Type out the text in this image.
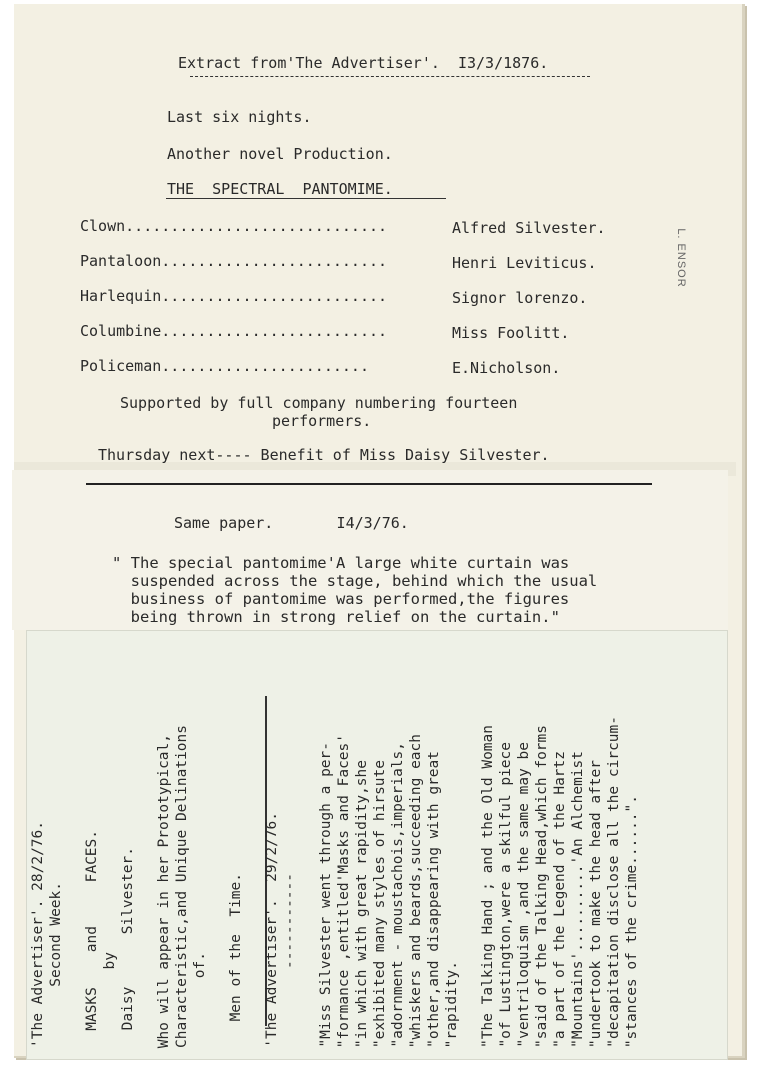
Extract from'The Advertiser'.  I3/3/1876.
Last six nights.
Another novel Production.
THE  SPECTRAL  PANTOMIME.
Clown.............................	Alfred Silvester.
Pantaloon.........................	Henri Leviticus.
Harlequin.........................	Signor lorenzo.
Columbine.........................	Miss Foolitt.
Policeman.......................	E.Nicholson.
Supported by full company numbering fourteen
performers.
Thursday next---- Benefit of Miss Daisy Silvester.
L. ENSOR
Same paper.       I4/3/76.
" The special pantomime'A large white curtain was
suspended across the stage, behind which the usual
business of pantomime was performed,the figures
being thrown in strong relief on the curtain."
'The Advertiser'. 28/2/76. Second Week. MASKS    and     FACES. by Daisy      Silvester. Who will appear in her Prototypical, Characteristic,and Unique Delinations of. Men of the  Time. 'The Advertiser'.  29/2/76. ----------- "Miss Silvester went through a per- "formance ,entitled'Masks and Faces' "in which with great rapidity,she "exhibited many styles of hirsute "adornment - moustachois,imperials, "whiskers and beards,succeeding each "other,and disappearing with great "rapidity. "The Talking Hand ; and the Old Woman "of Lustington,were a skilful piece "ventriloquism ,and the same may be "said of the Talking Head,which forms "a part of the Legend of the Hartz "Mountains'..........'An Alchemist "undertook to make the head after "decapitation disclose all the circum- "stances of the crime......".
